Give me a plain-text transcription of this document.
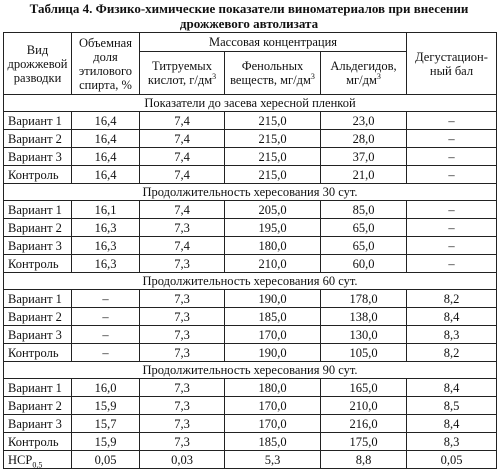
Таблица 4. Физико-химические показатели виноматериалов при внесении
дрожжевого автолизата
Вид дрожжевой разводки	Объемная доля этилового спирта, %	Массовая концентрация			Дегустацион-ный бал
		Титруемых кислот, $г/дм^3$	Фенольных веществ, $мг/дм^3$	Альдегидов, $мг/дм^3$
Показатели до засева хересной пленкой					
Вариант 1	16,4	7,4	215,0	23,0	–
Вариант 2	16,4	7,4	215,0	28,0	–
Вариант 3	16,4	7,4	215,0	37,0	–
Контроль	16,4	7,4	215,0	21,0	–
Продолжительность хересования 30 сут.					
Вариант 1	16,1	7,4	205,0	85,0	–
Вариант 2	16,3	7,3	195,0	65,0	–
Вариант 3	16,3	7,4	180,0	65,0	–
Контроль	16,3	7,3	210,0	60,0	–
Продолжительность хересования 60 сут.					
Вариант 1	–	7,3	190,0	178,0	8,2
Вариант 2	–	7,3	185,0	138,0	8,4
Вариант 3	–	7,3	170,0	130,0	8,3
Контроль	–	7,3	190,0	105,0	8,2
Продолжительность хересования 90 сут.					
Вариант 1	16,0	7,3	180,0	165,0	8,4
Вариант 2	15,9	7,3	170,0	210,0	8,5
Вариант 3	15,7	7,3	170,0	216,0	8,4
Контроль	15,9	7,3	185,0	175,0	8,3
$НСР_{0,5}$	0,05	0,03	5,3	8,8	0,05
